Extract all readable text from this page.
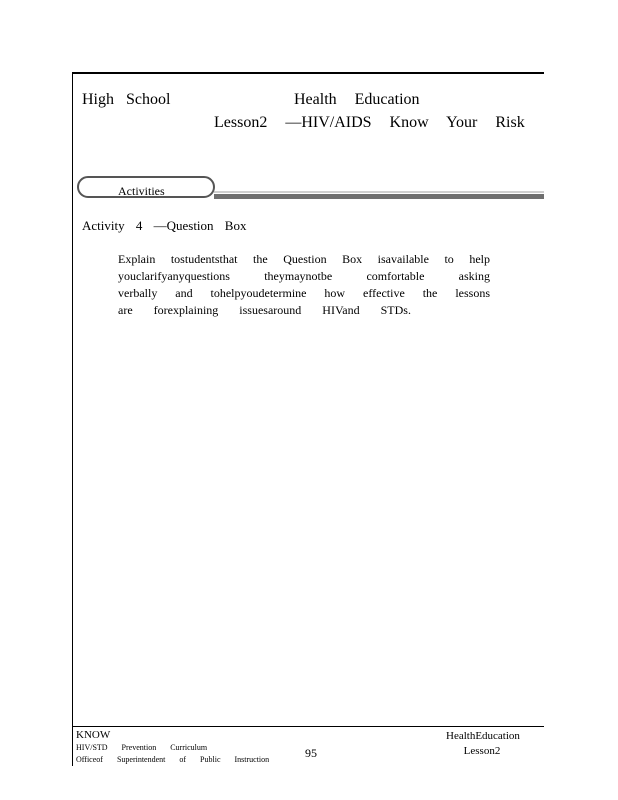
High School	Health Education
Lesson2 —HIV/AIDS Know Your Risk
Activities
Activity 4 —Question Box
Explain tostudentsthat the Question Box isavailable to help
youclarifyanyquestions theymaynotbe comfortable asking
verbally and tohelpyoudetermine how effective the lessons
are forexplaining issuesaround HIVand STDs.
KNOW
HIV/STD Prevention Curriculum
Officeof Superintendent of Public Instruction	95
HealthEducation
Lesson2
